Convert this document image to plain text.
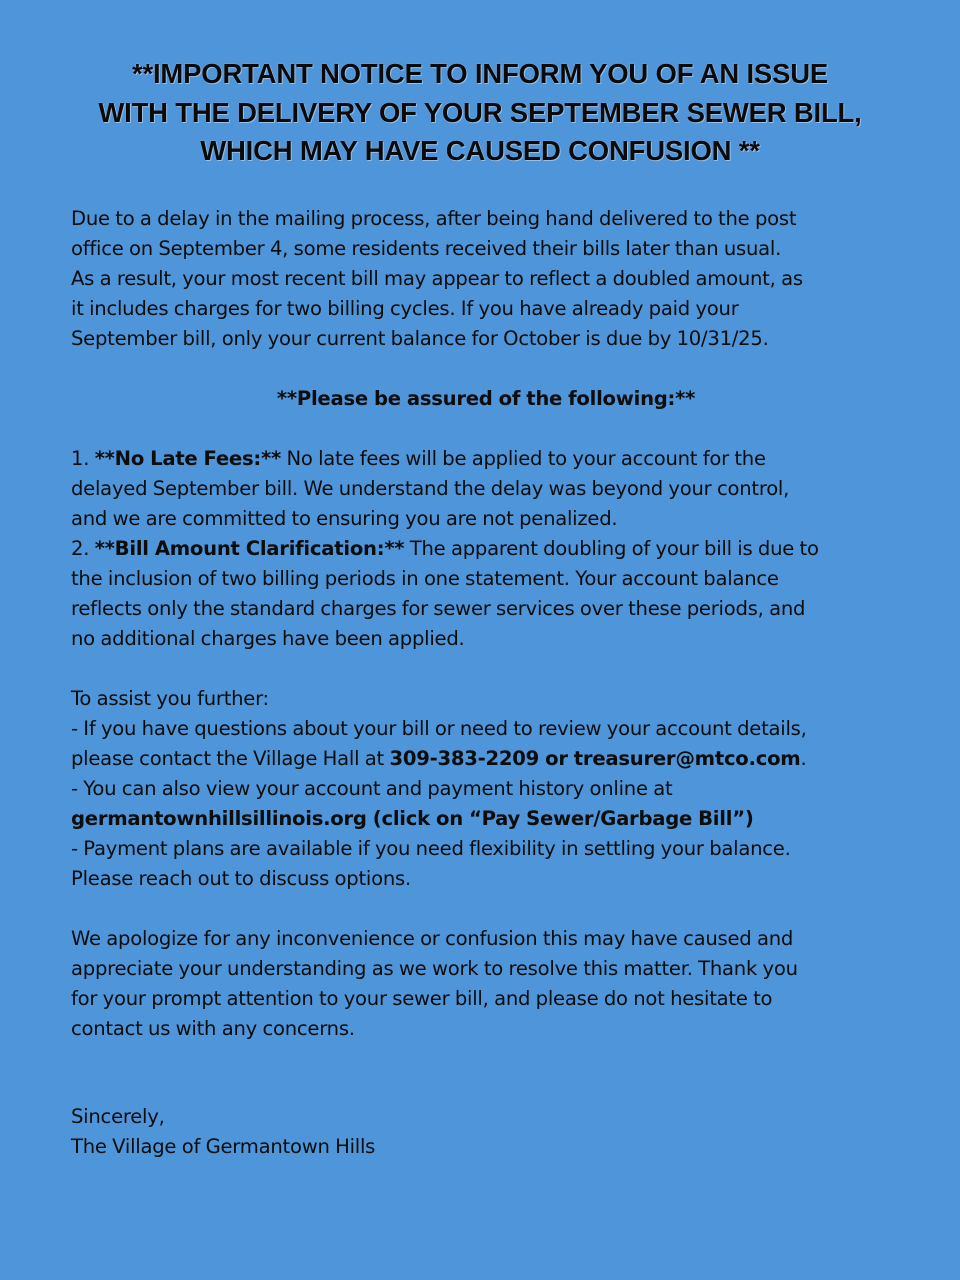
**IMPORTANT NOTICE TO INFORM YOU OF AN ISSUE
WITH THE DELIVERY OF YOUR SEPTEMBER SEWER BILL,
WHICH MAY HAVE CAUSED CONFUSION **
Due to a delay in the mailing process, after being hand delivered to the post
office on September 4, some residents received their bills later than usual.
As a result, your most recent bill may appear to reflect a doubled amount, as
it includes charges for two billing cycles. If you have already paid your
September bill, only your current balance for October is due by 10/31/25.
**Please be assured of the following:**
1. **No Late Fees:** No late fees will be applied to your account for the
delayed September bill. We understand the delay was beyond your control,
and we are committed to ensuring you are not penalized.
2. **Bill Amount Clarification:** The apparent doubling of your bill is due to
the inclusion of two billing periods in one statement. Your account balance
reflects only the standard charges for sewer services over these periods, and
no additional charges have been applied.
To assist you further:
- If you have questions about your bill or need to review your account details,
please contact the Village Hall at 309-383-2209 or treasurer@mtco.com.
- You can also view your account and payment history online at
germantownhillsillinois.org (click on “Pay Sewer/Garbage Bill”)
- Payment plans are available if you need flexibility in settling your balance.
Please reach out to discuss options.
We apologize for any inconvenience or confusion this may have caused and
appreciate your understanding as we work to resolve this matter. Thank you
for your prompt attention to your sewer bill, and please do not hesitate to
contact us with any concerns.
Sincerely,
The Village of Germantown Hills
